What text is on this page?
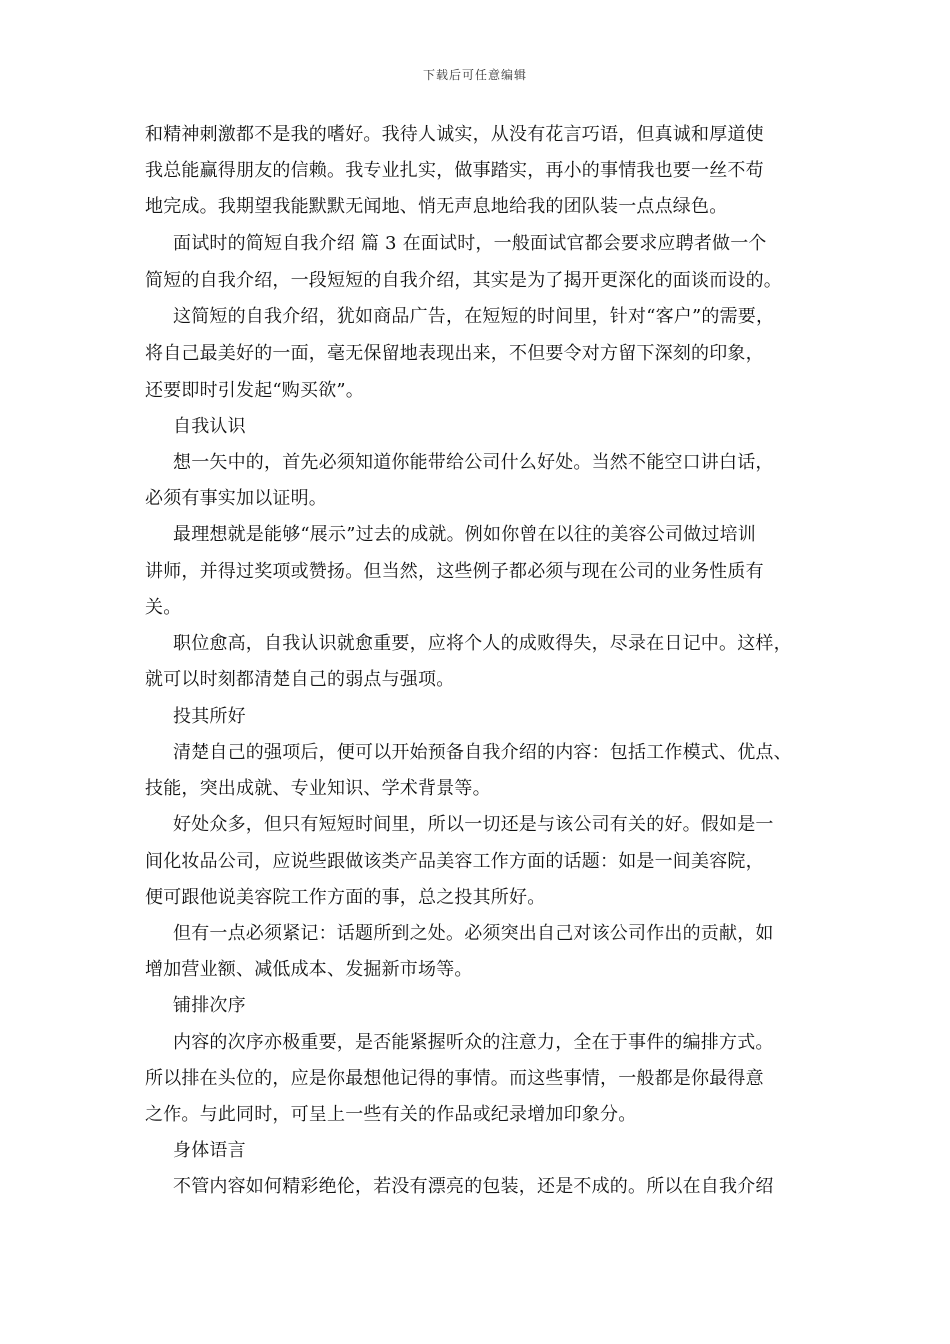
下载后可任意编辑
和精神刺激都不是我的嗜好。我待人诚实，从没有花言巧语，但真诚和厚道使
我总能赢得朋友的信赖。我专业扎实，做事踏实，再小的事情我也要一丝不苟
地完成。我期望我能默默无闻地、悄无声息地给我的团队装一点点绿色。
面试时的简短自我介绍 篇 3 在面试时，一般面试官都会要求应聘者做一个
简短的自我介绍，一段短短的自我介绍，其实是为了揭开更深化的面谈而设的。
这简短的自我介绍，犹如商品广告，在短短的时间里，针对“客户”的需要，
将自己最美好的一面，毫无保留地表现出来，不但要令对方留下深刻的印象，
还要即时引发起“购买欲”。
自我认识
想一矢中的，首先必须知道你能带给公司什么好处。当然不能空口讲白话，
必须有事实加以证明。
最理想就是能够“展示”过去的成就。例如你曾在以往的美容公司做过培训
讲师，并得过奖项或赞扬。但当然，这些例子都必须与现在公司的业务性质有
关。
职位愈高，自我认识就愈重要，应将个人的成败得失，尽录在日记中。这样，
就可以时刻都清楚自己的弱点与强项。
投其所好
清楚自己的强项后，便可以开始预备自我介绍的内容：包括工作模式、优点、
技能，突出成就、专业知识、学术背景等。
好处众多，但只有短短时间里，所以一切还是与该公司有关的好。假如是一
间化妆品公司，应说些跟做该类产品美容工作方面的话题：如是一间美容院，
便可跟他说美容院工作方面的事，总之投其所好。
但有一点必须紧记：话题所到之处。必须突出自己对该公司作出的贡献，如
增加营业额、减低成本、发掘新市场等。
铺排次序
内容的次序亦极重要，是否能紧握听众的注意力，全在于事件的编排方式。
所以排在头位的，应是你最想他记得的事情。而这些事情，一般都是你最得意
之作。与此同时，可呈上一些有关的作品或纪录增加印象分。
身体语言
不管内容如何精彩绝伦，若没有漂亮的包装，还是不成的。所以在自我介绍
